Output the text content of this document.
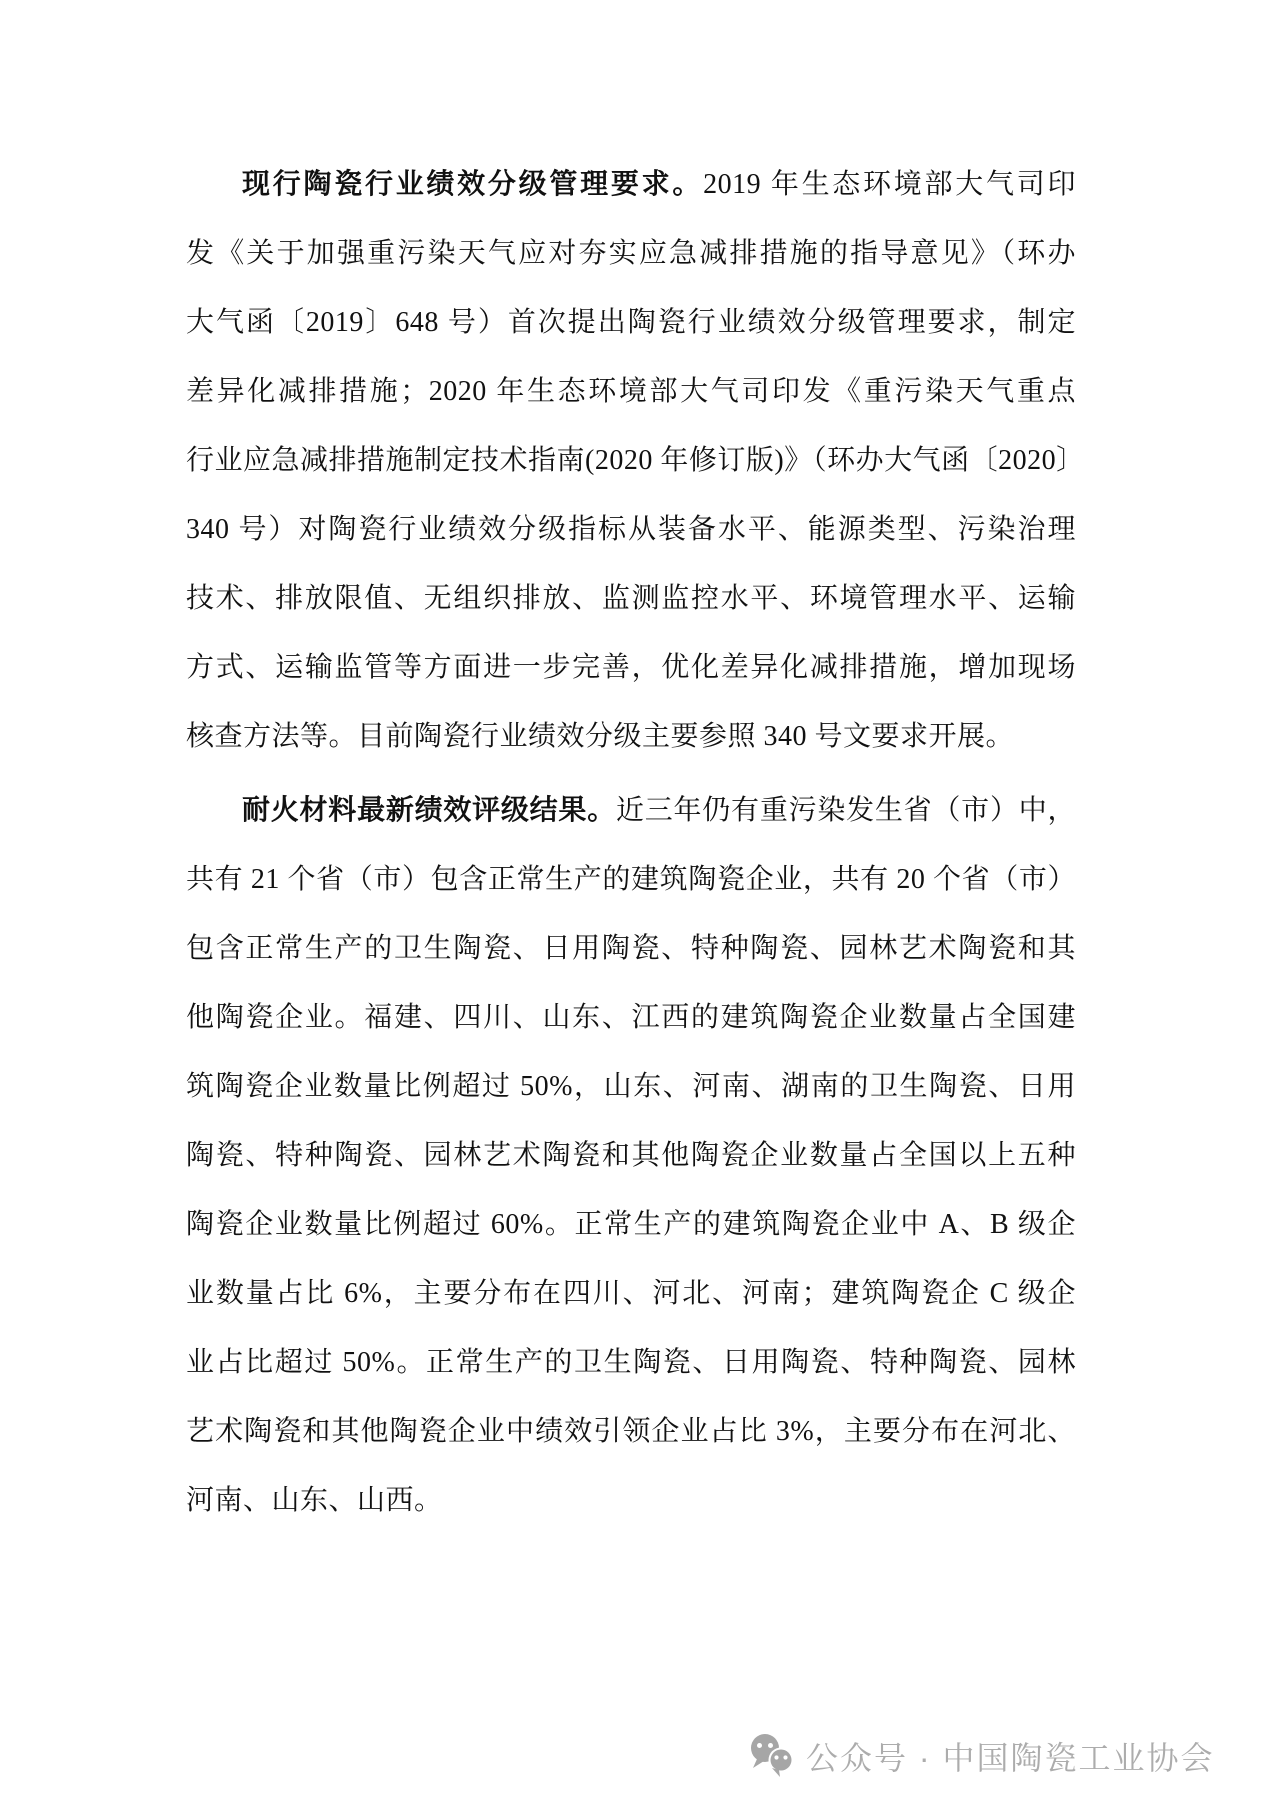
现行陶瓷行业绩效分级管理要求。2019 年生态环境部大气司印
发《关于加强重污染天气应对夯实应急减排措施的指导意见》（环办
大气函〔2019〕648 号）首次提出陶瓷行业绩效分级管理要求，制定
差异化减排措施；2020 年生态环境部大气司印发《重污染天气重点
行业应急减排措施制定技术指南(2020 年修订版)》（环办大气函〔2020〕
340 号）对陶瓷行业绩效分级指标从装备水平、能源类型、污染治理
技术、排放限值、无组织排放、监测监控水平、环境管理水平、运输
方式、运输监管等方面进一步完善，优化差异化减排措施，增加现场
核查方法等。目前陶瓷行业绩效分级主要参照 340 号文要求开展。
耐火材料最新绩效评级结果。近三年仍有重污染发生省（市）中，
共有 21 个省（市）包含正常生产的建筑陶瓷企业，共有 20 个省（市）
包含正常生产的卫生陶瓷、日用陶瓷、特种陶瓷、园林艺术陶瓷和其
他陶瓷企业。福建、四川、山东、江西的建筑陶瓷企业数量占全国建
筑陶瓷企业数量比例超过 50%，山东、河南、湖南的卫生陶瓷、日用
陶瓷、特种陶瓷、园林艺术陶瓷和其他陶瓷企业数量占全国以上五种
陶瓷企业数量比例超过 60%。正常生产的建筑陶瓷企业中 A、B 级企
业数量占比 6%，主要分布在四川、河北、河南；建筑陶瓷企 C 级企
业占比超过 50%。正常生产的卫生陶瓷、日用陶瓷、特种陶瓷、园林
艺术陶瓷和其他陶瓷企业中绩效引领企业占比 3%，主要分布在河北、
河南、山东、山西。
公众号 · 中国陶瓷工业协会
